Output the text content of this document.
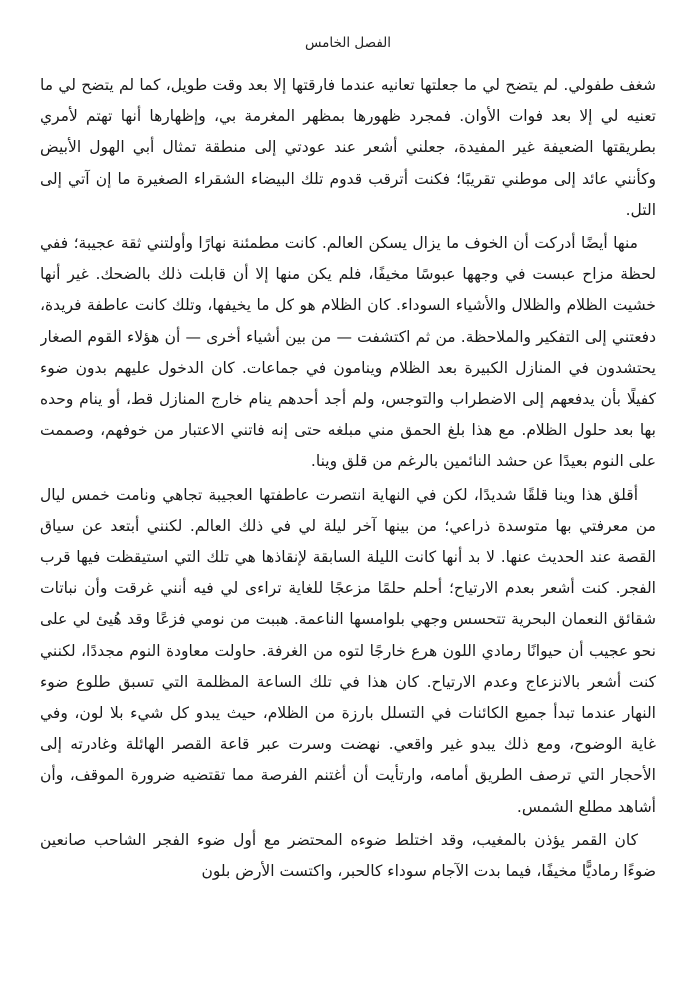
الفصل الخامس

شغف طفولي. لم يتضح لي ما جعلتها تعانيه عندما فارقتها إلا بعد وقت طويل، كما لم يتضح لي ما تعنيه لي إلا بعد فوات الأوان. فمجرد ظهورها بمظهر المغرمة بي، وإظهارها أنها تهتم لأمري بطريقتها الضعيفة غير المفيدة، جعلني أشعر عند عودتي إلى منطقة تمثال أبي الهول الأبيض وكأنني عائد إلى موطني تقريبًا؛ فكنت أترقب قدوم تلك البيضاء الشقراء الصغيرة ما إن آتي إلى التل.

منها أيضًا أدركت أن الخوف ما يزال يسكن العالم. كانت مطمئنة نهارًا وأولتني ثقة عجيبة؛ ففي لحظة مزاح عبست في وجهها عبوسًا مخيفًا، فلم يكن منها إلا أن قابلت ذلك بالضحك. غير أنها خشيت الظلام والظلال والأشياء السوداء. كان الظلام هو كل ما يخيفها، وتلك كانت عاطفة فريدة، دفعتني إلى التفكير والملاحظة. من ثم اكتشفت — من بين أشياء أخرى — أن هؤلاء القوم الصغار يحتشدون في المنازل الكبيرة بعد الظلام وينامون في جماعات. كان الدخول عليهم بدون ضوء كفيلًا بأن يدفعهم إلى الاضطراب والتوجس، ولم أجد أحدهم ينام خارج المنازل قط، أو ينام وحده بها بعد حلول الظلام. مع هذا بلغ الحمق مني مبلغه حتى إنه فاتني الاعتبار من خوفهم، وصممت على النوم بعيدًا عن حشد النائمين بالرغم من قلق وينا.

أقلق هذا وينا قلقًا شديدًا، لكن في النهاية انتصرت عاطفتها العجيبة تجاهي ونامت خمس ليال من معرفتي بها متوسدة ذراعي؛ من بينها آخر ليلة لي في ذلك العالم. لكنني أبتعد عن سياق القصة عند الحديث عنها. لا بد أنها كانت الليلة السابقة لإنقاذها هي تلك التي استيقظت فيها قرب الفجر. كنت أشعر بعدم الارتياح؛ أحلم حلمًا مزعجًا للغاية تراءى لي فيه أنني غرقت وأن نباتات شقائق النعمان البحرية تتحسس وجهي بلوامسها الناعمة. هببت من نومي فزعًا وقد هُيئ لي على نحو عجيب أن حيوانًا رمادي اللون هرع خارجًا لتوه من الغرفة. حاولت معاودة النوم مجددًا، لكنني كنت أشعر بالانزعاج وعدم الارتياح. كان هذا في تلك الساعة المظلمة التي تسبق طلوع ضوء النهار عندما تبدأ جميع الكائنات في التسلل بارزة من الظلام، حيث يبدو كل شيء بلا لون، وفي غاية الوضوح، ومع ذلك يبدو غير واقعي. نهضت وسرت عبر قاعة القصر الهائلة وغادرته إلى الأحجار التي ترصف الطريق أمامه، وارتأيت أن أغتنم الفرصة مما تقتضيه ضرورة الموقف، وأن أشاهد مطلع الشمس.

كان القمر يؤذن بالمغيب، وقد اختلط ضوءه المحتضر مع أول ضوء الفجر الشاحب صانعين ضوءًا رماديًّا مخيفًا، فيما بدت الآجام سوداء كالحبر، واكتست الأرض بلون
